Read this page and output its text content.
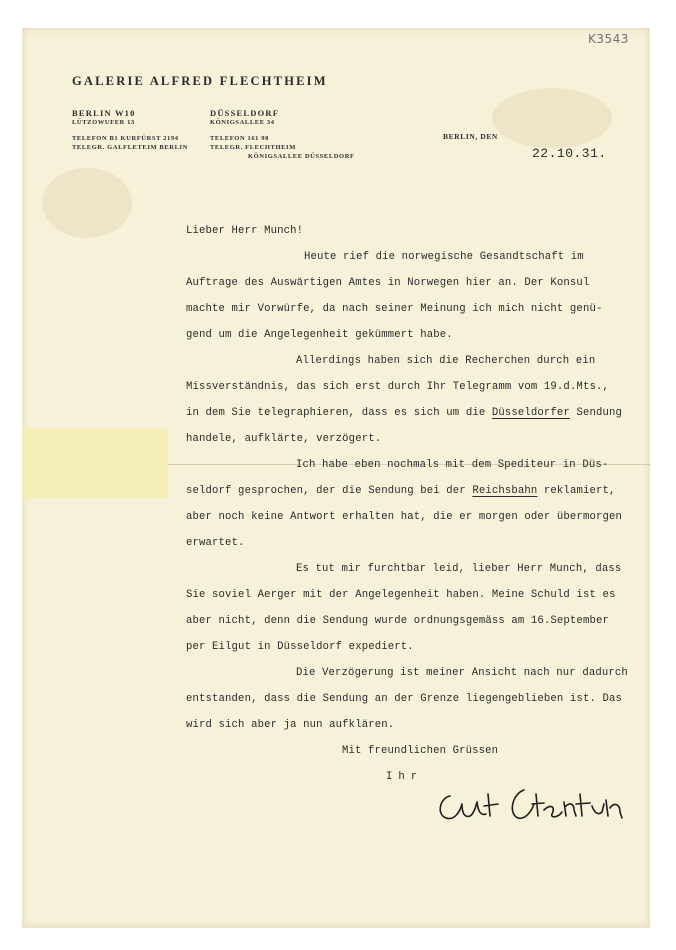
K3543
GALERIE ALFRED FLECHTHEIM
BERLIN W10
LÜTZOWUFER 13
TELEFON B1 KURFÜRST 2194
TELEGR. GALFLETEIM BERLIN
DÜSSELDORF
KÖNIGSALLEE 34
TELEFON 161 98
TELEGR. FLECHTHEIM
KÖNIGSALLEE DÜSSELDORF
BERLIN, DEN
22.10.31.
Lieber Herr Munch!
Heute rief die norwegische Gesandtschaft im
Auftrage des Auswärtigen Amtes in Norwegen hier an. Der Konsul
machte mir Vorwürfe, da nach seiner Meinung ich mich nicht genü-
gend um die Angelegenheit gekümmert habe.
Allerdings haben sich die Recherchen durch ein
Missverständnis, das sich erst durch Ihr Telegramm vom 19.d.Mts.,
in dem Sie telegraphieren, dass es sich um die Düsseldorfer Sendung
handele, aufklärte, verzögert.
Ich habe eben nochmals mit dem Spediteur in Düs-
seldorf gesprochen, der die Sendung bei der Reichsbahn reklamiert,
aber noch keine Antwort erhalten hat, die er morgen oder übermorgen
erwartet.
Es tut mir furchtbar leid, lieber Herr Munch, dass
Sie soviel Aerger mit der Angelegenheit haben. Meine Schuld ist es
aber nicht, denn die Sendung wurde ordnungsgemäss am 16.September
per Eilgut in Düsseldorf expediert.
Die Verzögerung ist meiner Ansicht nach nur dadurch
entstanden, dass die Sendung an der Grenze liegengeblieben ist. Das
wird sich aber ja nun aufklären.
Mit freundlichen Grüssen
Ihr
